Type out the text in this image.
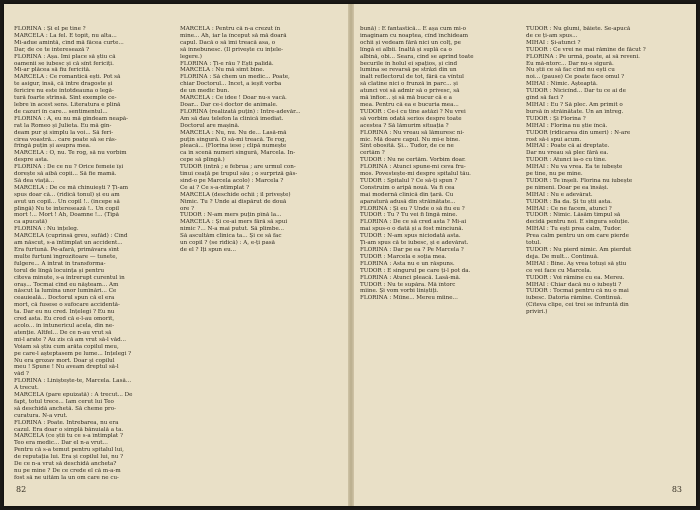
FLORINA : Și el pe tine ?
MARCELA : La fel. E topit, nu alta...
Mi-adue amintă, cînd mă făcea curte...
Dar, de ce te interesează ?
FLORINA : Așa. Îmi place să știu că
oamenii se iubesc și că sînt fericiți.
Mi-ar plăcea să fiu fericită.
MARCELA : Ce romantică ești. Pot să
te asigur, însă, că între dragoste și
fericire nu este întotdeauna o legă-
tură foarte strînsă. Sînt exemple ce-
lebre în acest sens. Literatura e plină
de cazuri în care... sentimentul...
FLORINA : A, eu nu mă gîndeam neapă-
rat la Romeo și Julieta. Eu mă gîn-
deam pur și simplu la voi... Să feri-
cirea voastră... care poate să se răs-
frîngă puțin și asupra mea.
MARCELA : O, nu. Te rog, să nu vorbim
despre asta.
FLORINA : De ce nu ? Orice femeie își
dorește să aibă copii... Să fie mamă.
Să dea viață...
MARCELA : De ce mă chinuiești ? Ți-am
spus doar că... (ridică tonul) și eu am
avut un copil... Un copil !.. (începe să
plîngă) Nu te interesează !.. Un copil
mort !... Mort ! Ah, Doamne !... (Tipă
ca apucată)
FLORINA : Nu înțeleg.
MARCELA (cuprinsă greu, sufăd) : Cînd
am născut, s-a întîmplat un accident...
Era furtună. Pe-afară, primăvara sînt
multe furtuni îngrozitoare — tunete,
fulgere... A intrat în transforma-
torul de lîngă locuința și pentru
cîteva minute, s-a întrerupt curentul în
oraș... Tocmai cînd eu năşteam... Am
născut la lumina unor lumînări... Ce
ceauieală... Doctorul spun că el era
mort, că fusese o sufocare accidentă-
ta. Dar eu nu cred. Înțelegi ? Eu nu
cred asta. Eu cred că e-l-au omorît,
acolo... în întunericul acela, din ne-
atenție. Altfel... De ce n-au vrut să
mi-l arate ? Au zis că am vrut să-l văd...
Voiam să știu cum arăta copilul meu,
pe care-l așteptasem pe lume... Înțelegi ?
Nu era grozav mort. Doar și copilul
meu ! Spune ! Nu aveam dreptul să-l
văd ?
FLORINA : Liniștește-te, Marcela. Lasă...
A trecut.
MARCELA (pare epuizată) : A trecut... De
fapt, totul trece... Iam cerut lui Teo
să deschidă anchetă. Să cheme pro-
curatura. N-a vrut.
FLORINA : Poate. Întrebarea, nu era
cazul. Era doar o simplă bănuială a ta.
MARCELA (ce știi tu ce s-a întîmplat ?
Teo era medic... Dar el n-a vrut...
Pentru că s-a temut pentru spitalul lui,
de reputația lui. Era și copilul lui, nu ?
De ce n-a vrut să deschidă ancheta?
nu pe mine ? De ce crede el că m-a-m
fost să ne uităm la un om care ne cu-
MARCELA : Pentru că n-a crezut în
mine... Ah, iar la început să mă doară
capul. Dacă o să îmi treacă asa, o
să înnebunesc. (Îl privește cu înțele-
legere.)
FLORINA : Ți-e rău ? Ești palidă.
MARCELA : Nu mă simt bine.
FLORINA : Să chem un medic... Poate,
chiar Doctorul... Încet, a ieșit vorba
de un medic bun.
MARCELA : Ce idee ! Doar nu-s vacă.
Doar... Dar ce-i doctor de animale.
FLORINA (realizată puțin) : Între-adevăr...
Am să dau telefon la clinică imediat.
Doctorul are mașină.
MARCELA : Nu, nu. Nu de... Lasă-mă
puțin singură. O să-mi treacă. Te rog,
pleacă... (Florina iese ; clipă numește
ca în scenă numeri singură, Marcela. În-
cepe să plîngă.)
TUDOR (intră ; e februa ; are urmul con-
tinui ceață pe trupul său ; o surpriză găs-
sind-o pe Marcela acolo) : Marcela ?
Ce ai ? Ce s-a-ntîmplat ?
MARCELA (deschide ochii ; îl privește)
Nimic. Tu ? Unde ai dispărut de două
ore ?
TUDOR : N-am mers puțin pînă la...
MARCELA : Și ce-ai mers fără să spui
nimic ?... N-a mai putut. Să plimbe...
Să ascultăm clinica ta... Și ce să fac
un copil ? (se ridică) : A, e-ți pasă
de el ? Îți spun eu...
82
bună) : E fantastică... E așa cum mi-o
imaginam cu noaptea, cînd închideam
ochii și vedeam fără nici un colț, pe
lîngă ei albii. Înaltă și suplă ca o
albină, obi... Seara, cînd se aprind toate
becurile în holul ei spațios, și cînd
lumina se revarsă pe străzi din un
înalt reflectorul de tot, fără ca vîntul
să clatine nici o frunză în parc... și
atunci voi să admir să o privesc, să
mă înfior... și să mă bucur că e a
mea. Pentru că ea e bucuria mea...
TUDOR : Ce-i cu tine astăzi ? Nu vrei
să vorbim odată serios despre toate
acestea ? Să lămurim situația ?
FLORINA : Nu vreau să lămuresc ni-
mic. Mă doare capul. Nu mi-e bine.
Sînt obosită. Și... Tudor, de ce ne
certăm ?
TUDOR : Nu ne certăm. Vorbim doar.
FLORINA : Atunci spune-mi ceva fru-
mos. Povestește-mi despre spitalul tău.
TUDOR : Spitalul ? Ce să-ți spun ?
Construim o aripă nouă. Va fi cea
mai modernă clinică din țară. Cu
aparatură adusă din străinătate...
FLORINA : Și eu ? Unde o să fiu eu ?
TUDOR : Tu ? Tu vei fi lîngă mine.
FLORINA : De ce să cred asta ? Mi-ai
mai spus-o o dată și a fost minciună.
TUDOR : N-am spus niciodată asta.
Ți-am spus că te iubesc, și e adevărat.
FLORINA : Dar pe ea ? Pe Marcela ?
TUDOR : Marcela e soția mea.
FLORINA : Asta nu e un răspuns.
TUDOR : E singurul pe care ți-l pot da.
FLORINA : Atunci pleacă. Lasă-mă.
TUDOR : Nu te supăra. Mă întorc
mîine. Și vom vorbi liniștiți.
FLORINA : Mîine... Mereu mîine...
TUDOR : Nu glumi, băiete. Se-apucă
de ce ți-am spus...
MIHAI : Și-atunci ?
TUDOR : Ce vrei ne mai rămîne de făcut ?
FLORINA : Pe urmă, poate, ai să reveni.
Eu mă-ntorc... Dar nu-s sigură.
Nu știi ce să fac cînd nu ești cu
noi... (pause) Ce poate face omul ?
MIHAI : Nimic. Așteaptă.
TUDOR : Nicicînd... Dar tu ce ai de
gînd să faci ?
MIHAI : Eu ? Să plec. Am primit o
bursă în străinătate. Un an întreg.
TUDOR : Și Florina ?
MIHAI : Florina nu știe încă.
TUDOR (ridicarea din umeri) : N-are
rost să-i spui acum.
MIHAI : Poate că ai dreptate.
Dar nu vreau să plec fără ea.
TUDOR : Atunci ia-o cu tine.
MIHAI : Nu va vrea. Ea te iubește
pe tine, nu pe mine.
TUDOR : Te înșeli. Florina nu iubește
pe nimeni. Doar pe ea însăși.
MIHAI : Nu e adevărat.
TUDOR : Ba da. Și tu știi asta.
MIHAI : Ce ne facem, atunci ?
TUDOR : Nimic. Lăsăm timpul să
decidă pentru noi. E singura soluție.
MIHAI : Tu ești prea calm, Tudor.
Prea calm pentru un om care pierde
totul.
TUDOR : Nu pierd nimic. Am pierdut
deja. De mult... Continuă.
MIHAI : Bine. Aș vrea totuși să știu
ce vei face cu Marcela.
TUDOR : Voi rămîne cu ea. Mereu.
MIHAI : Chiar dacă nu o iubești ?
TUDOR : Tocmai pentru că nu o mai
iubesc. Datoria rămîne. Continuă.
(Cîteva clipe, cei trei se înfruntă din
priviri.)
83
